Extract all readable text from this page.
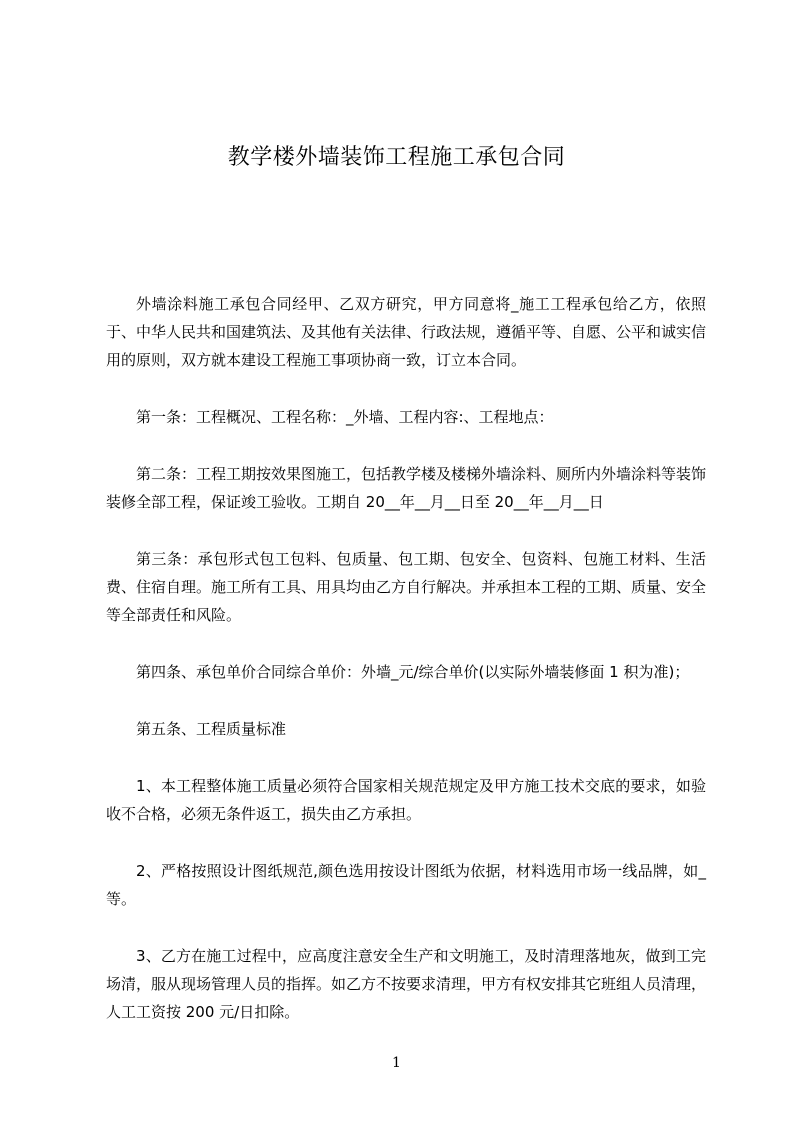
教学楼外墙装饰工程施工承包合同

外墙涂料施工承包合同经甲、乙双方研究，甲方同意将_施工工程承包给乙方，依照于、中华人民共和国建筑法、及其他有关法律、行政法规，遵循平等、自愿、公平和诚实信用的原则，双方就本建设工程施工事项协商一致，订立本合同。

第一条：工程概况、工程名称：_外墙、工程内容:、工程地点：

第二条：工程工期按效果图施工，包括教学楼及楼梯外墙涂料、厕所内外墙涂料等装饰装修全部工程，保证竣工验收。工期自 20__年__月__日至 20__年__月__日

第三条：承包形式包工包料、包质量、包工期、包安全、包资料、包施工材料、生活费、住宿自理。施工所有工具、用具均由乙方自行解决。并承担本工程的工期、质量、安全等全部责任和风险。

第四条、承包单价合同综合单价：外墙_元/综合单价(以实际外墙装修面 1 积为准)；

第五条、工程质量标准

1、本工程整体施工质量必须符合国家相关规范规定及甲方施工技术交底的要求，如验收不合格，必须无条件返工，损失由乙方承担。

2、严格按照设计图纸规范,颜色选用按设计图纸为依据，材料选用市场一线品牌，如_等。

3、乙方在施工过程中，应高度注意安全生产和文明施工，及时清理落地灰，做到工完场清，服从现场管理人员的指挥。如乙方不按要求清理，甲方有权安排其它班组人员清理，人工工资按 200 元/日扣除。

1
